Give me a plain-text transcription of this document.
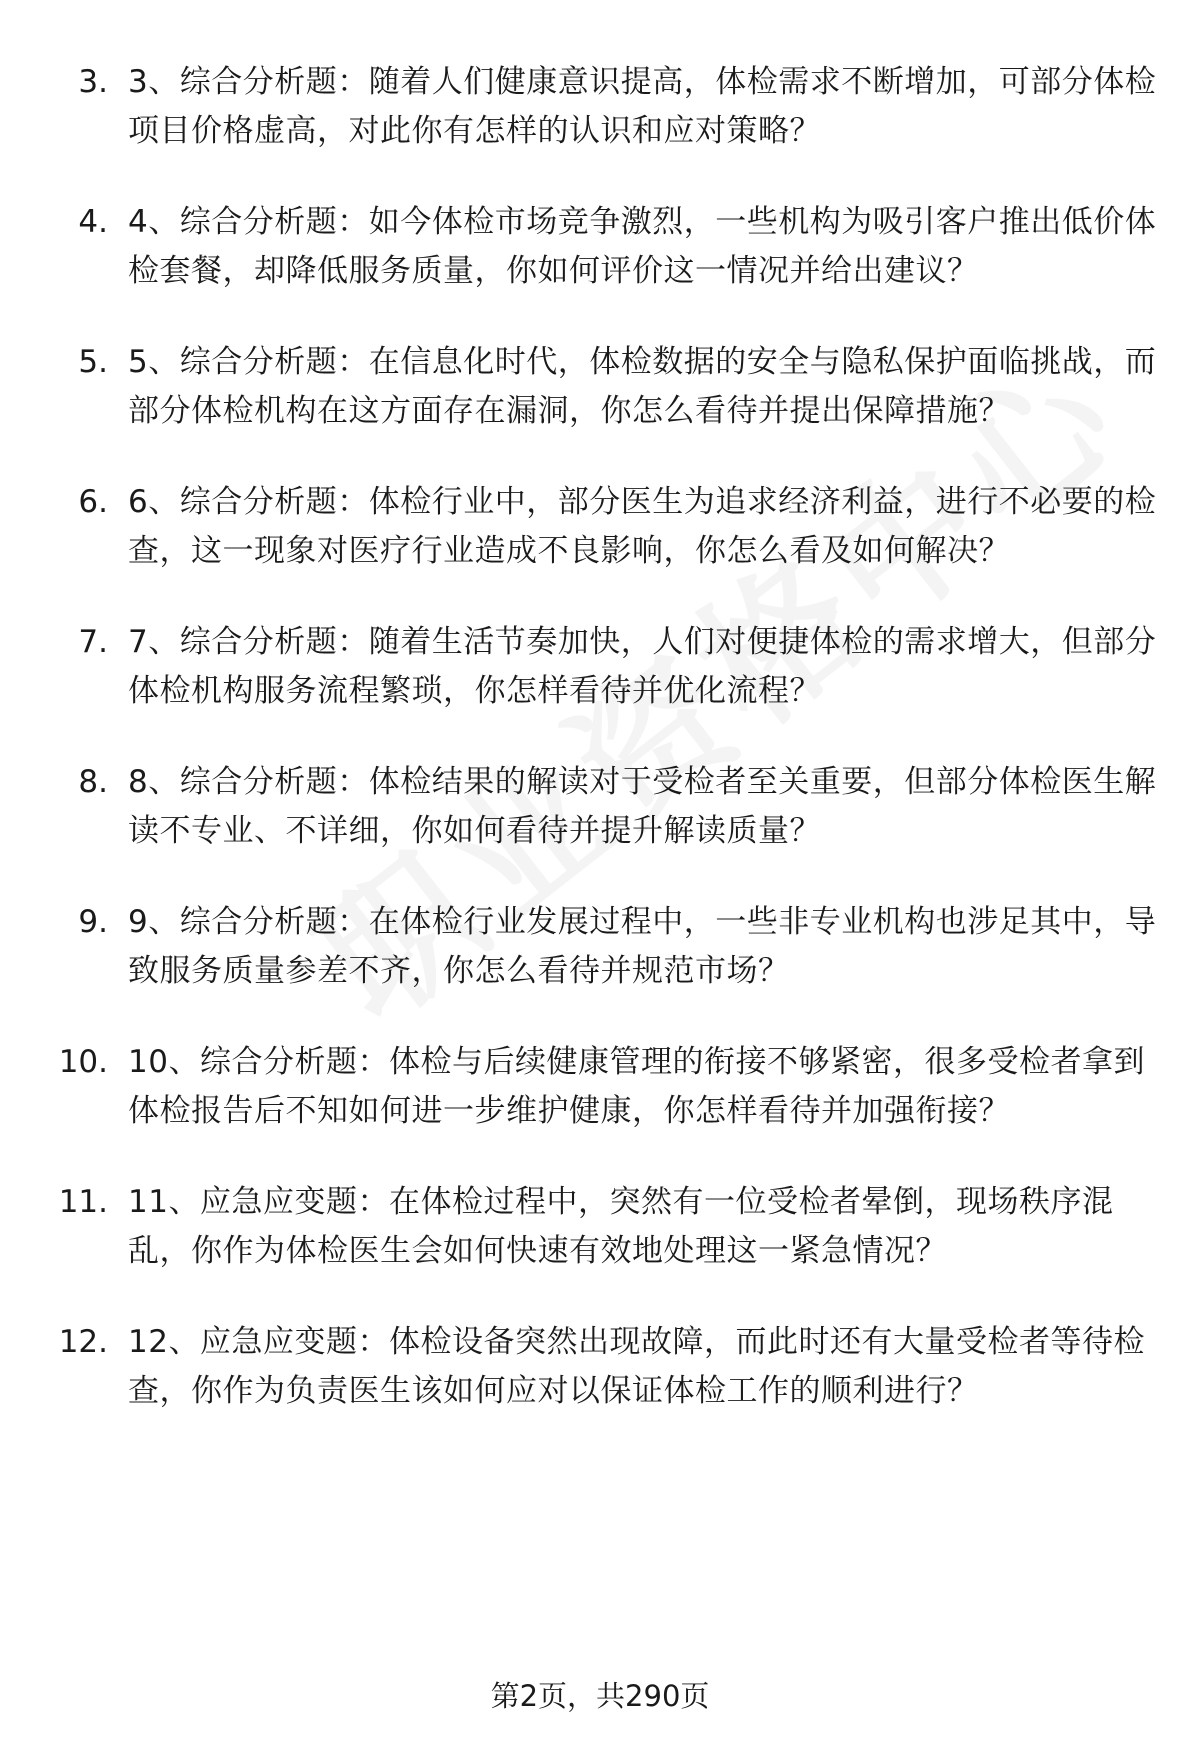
3. 3、综合分析题：随着人们健康意识提高，体检需求不断增加，可部分体检项目价格虚高，对此你有怎样的认识和应对策略？
4. 4、综合分析题：如今体检市场竞争激烈，一些机构为吸引客户推出低价体检套餐，却降低服务质量，你如何评价这一情况并给出建议？
5. 5、综合分析题：在信息化时代，体检数据的安全与隐私保护面临挑战，而部分体检机构在这方面存在漏洞，你怎么看待并提出保障措施？
6. 6、综合分析题：体检行业中，部分医生为追求经济利益，进行不必要的检查，这一现象对医疗行业造成不良影响，你怎么看及如何解决？
7. 7、综合分析题：随着生活节奏加快，人们对便捷体检的需求增大，但部分体检机构服务流程繁琐，你怎样看待并优化流程？
8. 8、综合分析题：体检结果的解读对于受检者至关重要，但部分体检医生解读不专业、不详细，你如何看待并提升解读质量？
9. 9、综合分析题：在体检行业发展过程中，一些非专业机构也涉足其中，导致服务质量参差不齐，你怎么看待并规范市场？
10. 10、综合分析题：体检与后续健康管理的衔接不够紧密，很多受检者拿到体检报告后不知如何进一步维护健康，你怎样看待并加强衔接？
11. 11、应急应变题：在体检过程中，突然有一位受检者晕倒，现场秩序混乱，你作为体检医生会如何快速有效地处理这一紧急情况？
12. 12、应急应变题：体检设备突然出现故障，而此时还有大量受检者等待检查，你作为负责医生该如何应对以保证体检工作的顺利进行？
第2页，共290页
